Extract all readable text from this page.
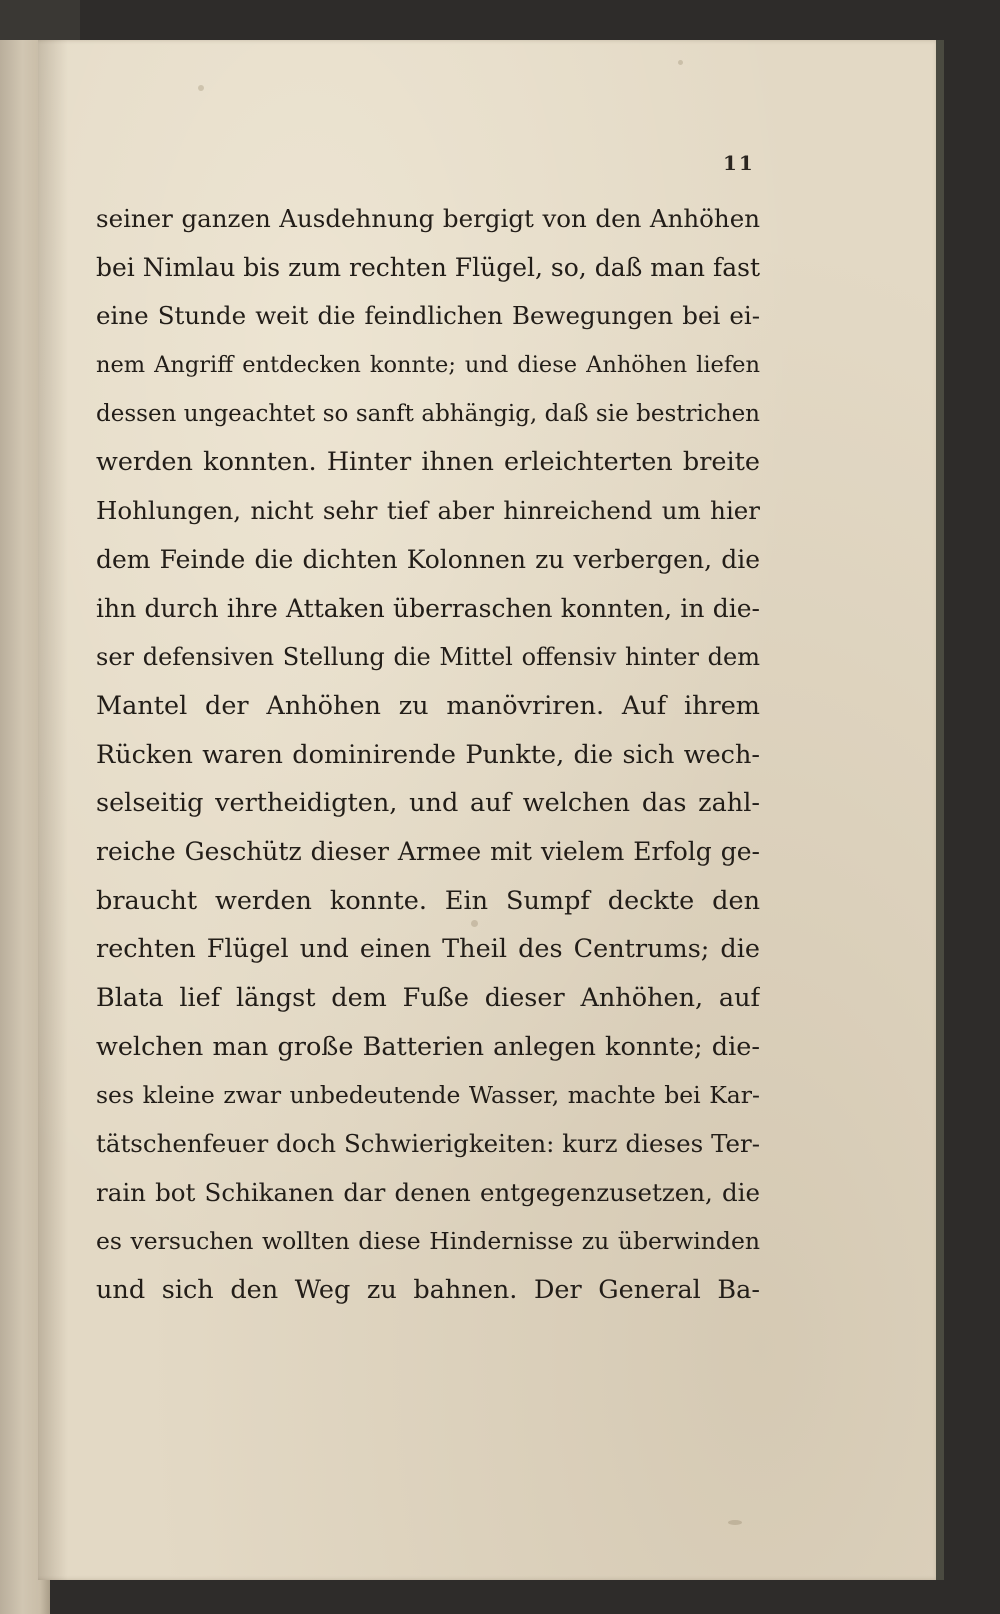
11
seiner ganzen Ausdehnung bergigt von den Anhöhen
bei Nimlau bis zum rechten Flügel, so, daß man fast
eine Stunde weit die feindlichen Bewegungen bei ei-
nem Angriff entdecken konnte; und diese Anhöhen liefen
dessen ungeachtet so sanft abhängig, daß sie bestrichen
werden konnten. Hinter ihnen erleichterten breite
Hohlungen, nicht sehr tief aber hinreichend um hier
dem Feinde die dichten Kolonnen zu verbergen, die
ihn durch ihre Attaken überraschen konnten, in die-
ser defensiven Stellung die Mittel offensiv hinter dem
Mantel der Anhöhen zu manövriren. Auf ihrem
Rücken waren dominirende Punkte, die sich wech-
selseitig vertheidigten, und auf welchen das zahl-
reiche Geschütz dieser Armee mit vielem Erfolg ge-
braucht werden konnte. Ein Sumpf deckte den
rechten Flügel und einen Theil des Centrums; die
Blata lief längst dem Fuße dieser Anhöhen, auf
welchen man große Batterien anlegen konnte; die-
ses kleine zwar unbedeutende Wasser, machte bei Kar-
tätschenfeuer doch Schwierigkeiten: kurz dieses Ter-
rain bot Schikanen dar denen entgegenzusetzen, die
es versuchen wollten diese Hindernisse zu überwinden
und sich den Weg zu bahnen. Der General Ba-
